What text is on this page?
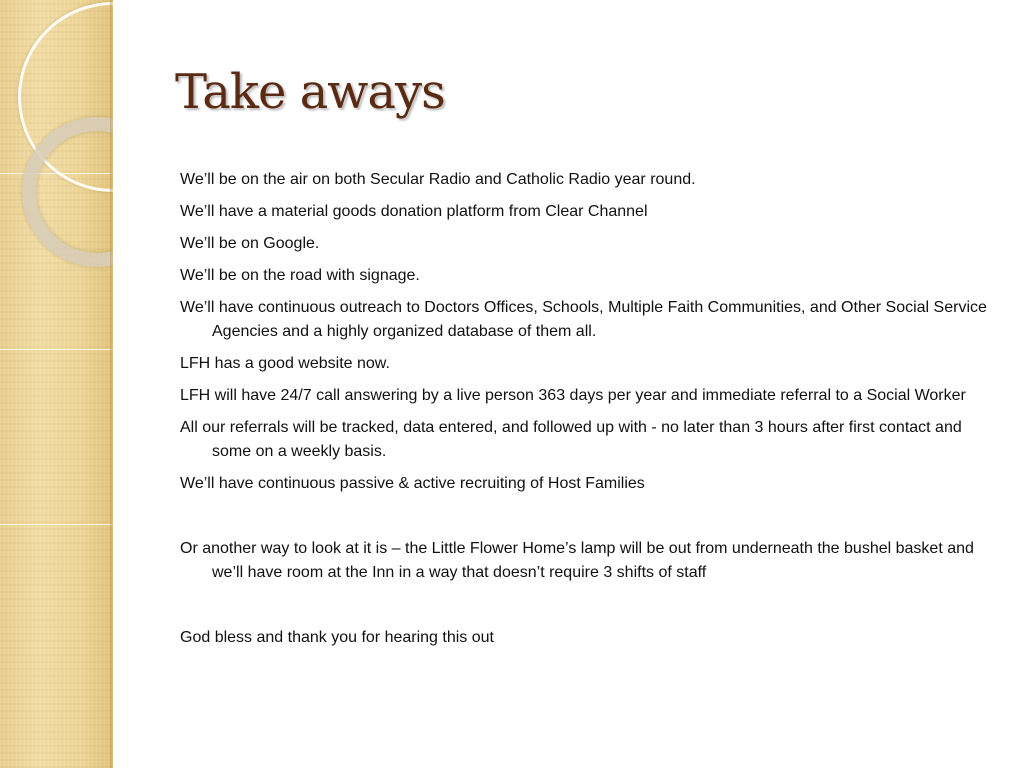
Take aways

We’ll be on the air on both Secular Radio and Catholic Radio year round.

We’ll have a material goods donation platform from Clear Channel

We’ll be on Google.

We’ll be on the road with signage.

We’ll have continuous outreach to Doctors Offices, Schools, Multiple Faith Communities, and Other Social Service Agencies and a highly organized database of them all.

LFH has a good website now.

LFH will have 24/7 call answering by a live person 363 days per year and immediate referral to a Social Worker

All our referrals will be tracked, data entered, and followed up with - no later than 3 hours after first contact and some on a weekly basis.

We’ll have continuous passive & active recruiting of Host Families

Or another way to look at it is – the Little Flower Home’s lamp will be out from underneath the bushel basket and we’ll have room at the Inn in a way that doesn’t require 3 shifts of staff

God bless and thank you for hearing this out
